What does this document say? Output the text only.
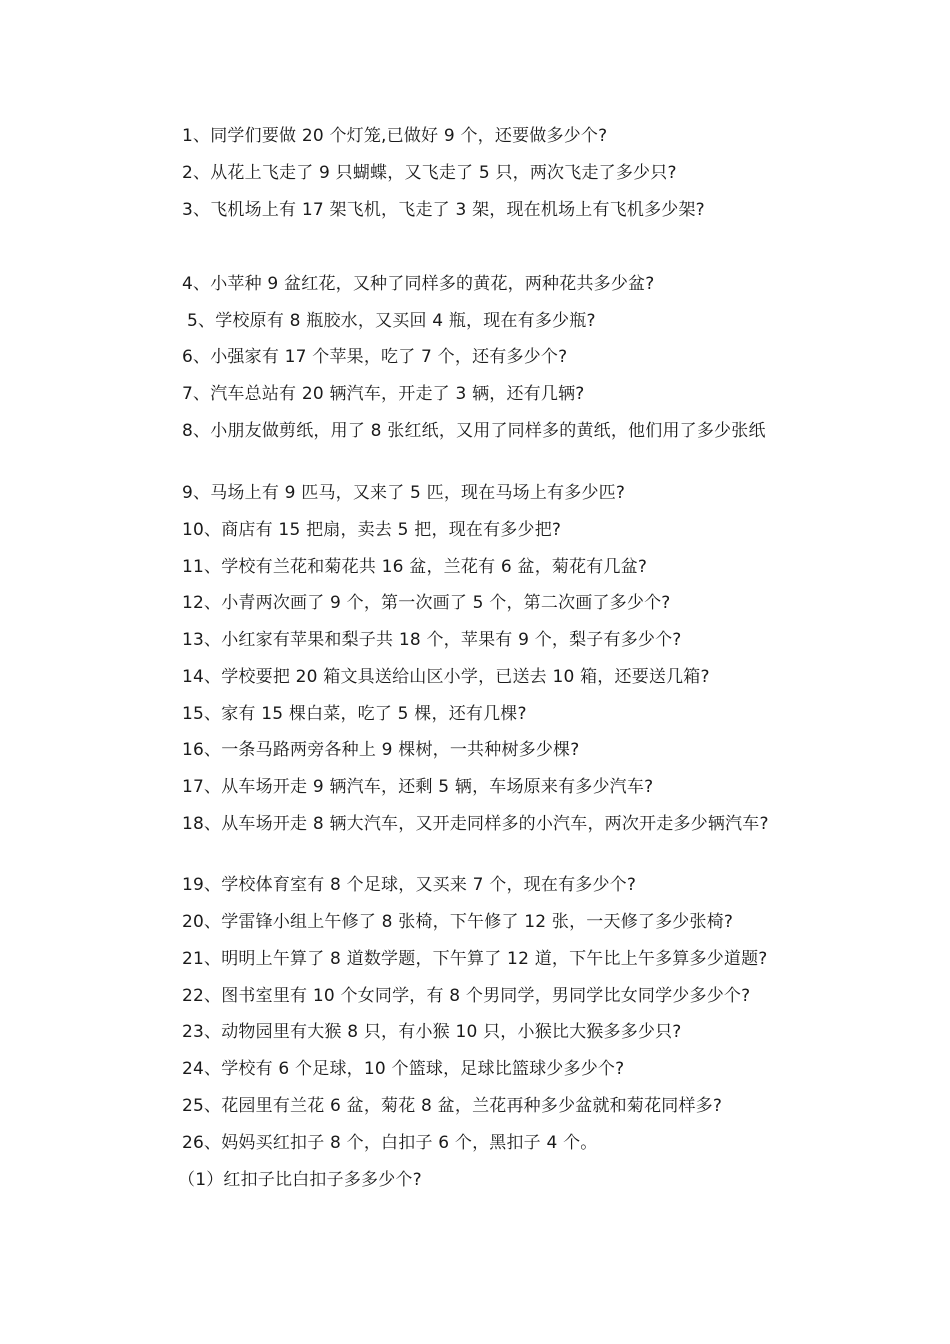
1、同学们要做 20 个灯笼,已做好 9 个，还要做多少个?
2、从花上飞走了 9 只蝴蝶，又飞走了 5 只，两次飞走了多少只?
3、飞机场上有 17 架飞机，飞走了 3 架，现在机场上有飞机多少架?
4、小苹种 9 盆红花，又种了同样多的黄花，两种花共多少盆?
5、学校原有 8 瓶胶水，又买回 4 瓶，现在有多少瓶?
6、小强家有 17 个苹果，吃了 7 个，还有多少个?
7、汽车总站有 20 辆汽车，开走了 3 辆，还有几辆?
8、小朋友做剪纸，用了 8 张红纸，又用了同样多的黄纸，他们用了多少张纸
9、马场上有 9 匹马，又来了 5 匹，现在马场上有多少匹?
10、商店有 15 把扇，卖去 5 把，现在有多少把?
11、学校有兰花和菊花共 16 盆，兰花有 6 盆，菊花有几盆?
12、小青两次画了 9 个，第一次画了 5 个，第二次画了多少个?
13、小红家有苹果和梨子共 18 个，苹果有 9 个，梨子有多少个?
14、学校要把 20 箱文具送给山区小学，已送去 10 箱，还要送几箱?
15、家有 15 棵白菜，吃了 5 棵，还有几棵?
16、一条马路两旁各种上 9 棵树，一共种树多少棵?
17、从车场开走 9 辆汽车，还剩 5 辆，车场原来有多少汽车?
18、从车场开走 8 辆大汽车，又开走同样多的小汽车，两次开走多少辆汽车?
19、学校体育室有 8 个足球，又买来 7 个，现在有多少个?
20、学雷锋小组上午修了 8 张椅，下午修了 12 张，一天修了多少张椅?
21、明明上午算了 8 道数学题，下午算了 12 道，下午比上午多算多少道题?
22、图书室里有 10 个女同学，有 8 个男同学，男同学比女同学少多少个?
23、动物园里有大猴 8 只，有小猴 10 只，小猴比大猴多多少只?
24、学校有 6 个足球，10 个篮球，足球比篮球少多少个?
25、花园里有兰花 6 盆，菊花 8 盆，兰花再种多少盆就和菊花同样多?
26、妈妈买红扣子 8 个，白扣子 6 个，黑扣子 4 个。
（1）红扣子比白扣子多多少个?
